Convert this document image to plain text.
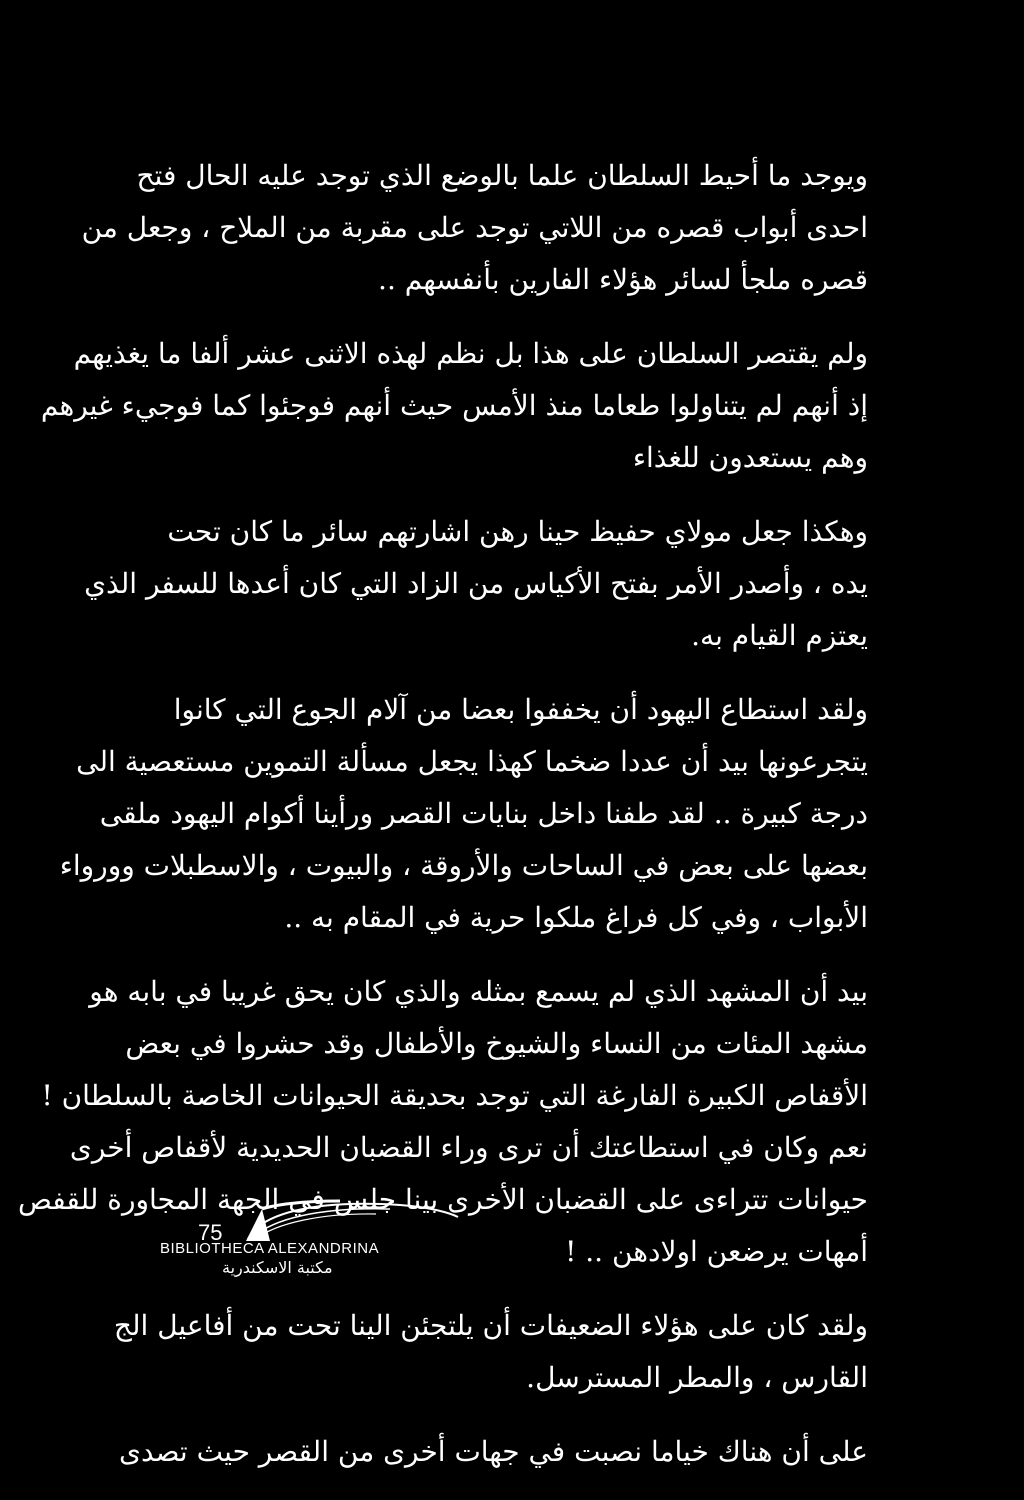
ويوجد ما أحيط السلطان علما بالوضع الذي توجد عليه الحال فتح
احدى أبواب قصره من اللاتي توجد على مقربة من الملاح ، وجعل من
قصره ملجأ لسائر هؤلاء الفارين بأنفسهم ..
ولم يقتصر السلطان على هذا بل نظم لهذه الاثنى عشر ألفا ما يغذيهم
إذ أنهم لم يتناولوا طعاما منذ الأمس حيث أنهم فوجئوا كما فوجيء غيرهم
وهم يستعدون للغذاء
وهكذا جعل مولاي حفيظ حينا رهن اشارتهم سائر ما كان تحت
يده ، وأصدر الأمر بفتح الأكياس من الزاد التي كان أعدها للسفر الذي
يعتزم القيام به.
ولقد استطاع اليهود أن يخففوا بعضا من آلام الجوع التي كانوا
يتجرعونها بيد أن عددا ضخما كهذا يجعل مسألة التموين مستعصية الى
درجة كبيرة .. لقد طفنا داخل بنايات القصر ورأينا أكوام اليهود ملقى
بعضها على بعض في الساحات والأروقة ، والبيوت ، والاسطبلات وورواء
الأبواب ، وفي كل فراغ ملكوا حرية في المقام به ..
بيد أن المشهد الذي لم يسمع بمثله والذي كان يحق غريبا في بابه هو
مشهد المئات من النساء والشيوخ والأطفال وقد حشروا في بعض
الأقفاص الكبيرة الفارغة التي توجد بحديقة الحيوانات الخاصة بالسلطان !
نعم وكان في استطاعتك أن ترى وراء القضبان الحديدية لأقفاص أخرى
حيوانات تتراءى على القضبان الأخرى بينا جلس في الجهة المجاورة للقفص
أمهات يرضعن اولادهن .. !
ولقد كان على هؤلاء الضعيفات أن يلتجئن الينا تحت من أفاعيل الج
القارس ، والمطر المسترسل.
على أن هناك خياما نصبت في جهات أخرى من القصر حيث تصدى
75
BIBLIOTHECA ALEXANDRINA
مكتبة الاسكندرية
